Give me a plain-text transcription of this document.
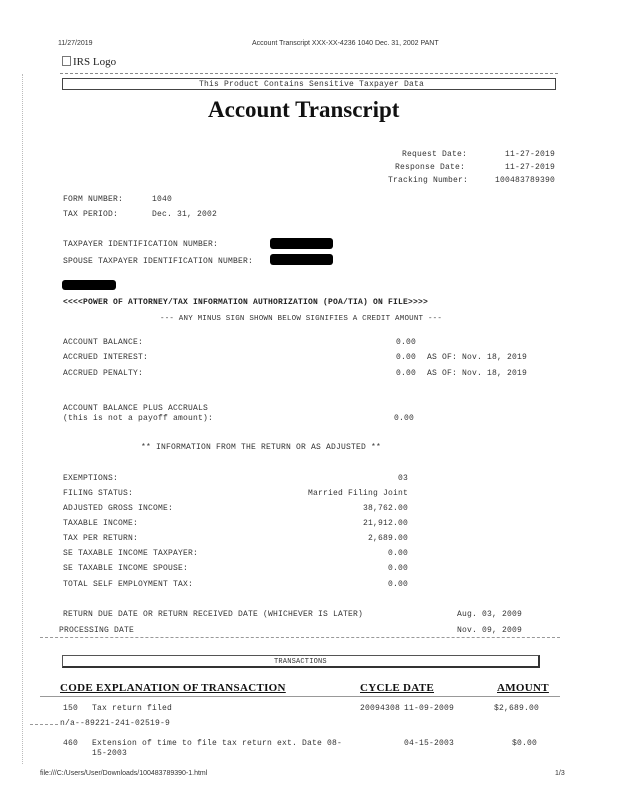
11/27/2019	Account Transcript XXX-XX-4236 1040 Dec. 31, 2002 PANT
IRS Logo
This Product Contains Sensitive Taxpayer Data
Account Transcript
Request Date:	11-27-2019
Response Date:	11-27-2019
Tracking Number:	100483789390
FORM NUMBER:	1040
TAX PERIOD:	Dec. 31, 2002
TAXPAYER IDENTIFICATION NUMBER:
SPOUSE TAXPAYER IDENTIFICATION NUMBER:
<<<<POWER OF ATTORNEY/TAX INFORMATION AUTHORIZATION (POA/TIA) ON FILE>>>>
--- ANY MINUS SIGN SHOWN BELOW SIGNIFIES A CREDIT AMOUNT ---
ACCOUNT BALANCE:	0.00
ACCRUED INTEREST:	0.00 AS OF: Nov. 18, 2019
ACCRUED PENALTY:	0.00 AS OF: Nov. 18, 2019
ACCOUNT BALANCE PLUS ACCRUALS
(this is not a payoff amount):	0.00
** INFORMATION FROM THE RETURN OR AS ADJUSTED **
EXEMPTIONS:	03
FILING STATUS:	Married Filing Joint
ADJUSTED GROSS INCOME:	38,762.00
TAXABLE INCOME:	21,912.00
TAX PER RETURN:	2,689.00
SE TAXABLE INCOME TAXPAYER:	0.00
SE TAXABLE INCOME SPOUSE:	0.00
TOTAL SELF EMPLOYMENT TAX:	0.00
RETURN DUE DATE OR RETURN RECEIVED DATE (WHICHEVER IS LATER)	Aug. 03, 2009
PROCESSING DATE	Nov. 09, 2009
TRANSACTIONS
CODE EXPLANATION OF TRANSACTION	CYCLE DATE	AMOUNT
150 Tax return filed	20094308 11-09-2009	$2,689.00
n/a--89221-241-02519-9
460 Extension of time to file tax return ext. Date 08-
15-2003
04-15-2003	$0.00
file:///C:/Users/User/Downloads/100483789390-1.html	1/3
